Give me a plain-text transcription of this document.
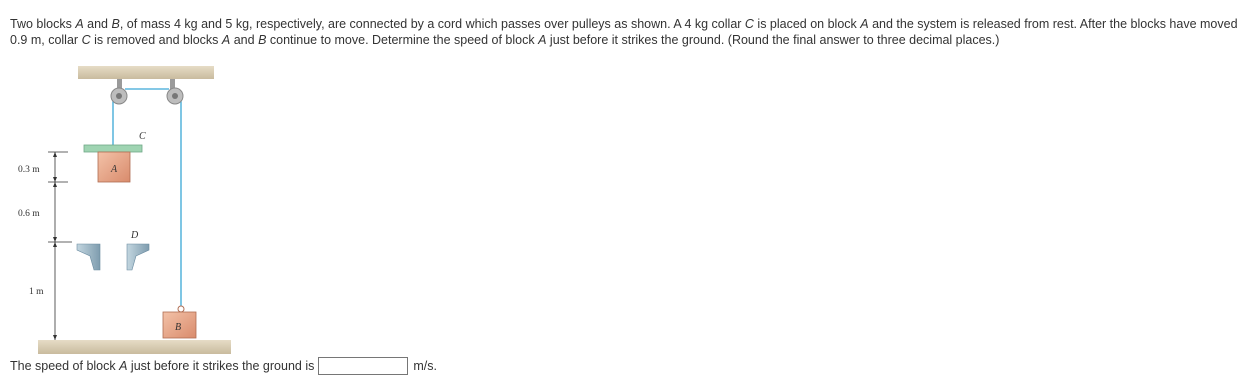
Two blocks A and B, of mass 4 kg and 5 kg, respectively, are connected by a cord which passes over pulleys as shown. A 4 kg collar C is placed on block A and the system is released from rest. After the blocks have moved 0.9 m, collar C is removed and blocks A and B continue to move. Determine the speed of block A just before it strikes the ground. (Round the final answer to three decimal places.)

C
A
0.3 m
0.6 m
1 m
D
B
The speed of block A just before it strikes the ground is	m/s.
